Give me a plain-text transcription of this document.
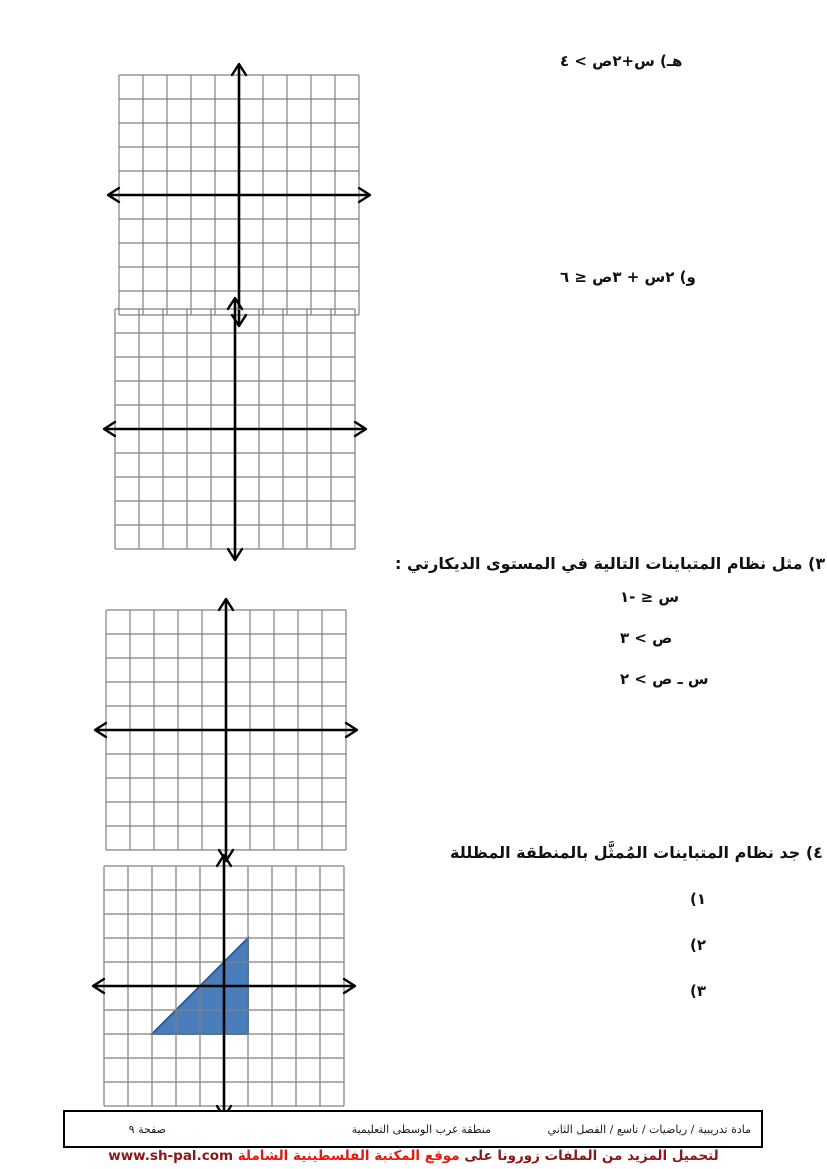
هـ) س+٢ص > ٤
و) ٢س + ٣ص ≤ ٦
٣) مثل نظام المتباينات التالية في المستوى الديكارتي :
٤) جد نظام المتباينات المُمثَّل بالمنطقة المظللة
س ≤ -١
ص > ٣
س ـ ص > ٢
١)
٢)
٣)
مادة تدريبية / رياضيات / تاسع / الفصل الثاني
منطقة غرب الوسطى التعليمية
صفحة ٩
لتحميل المزيد من الملفات زورونا على موقع المكتبة الفلسطينية الشاملة www.sh-pal.com
